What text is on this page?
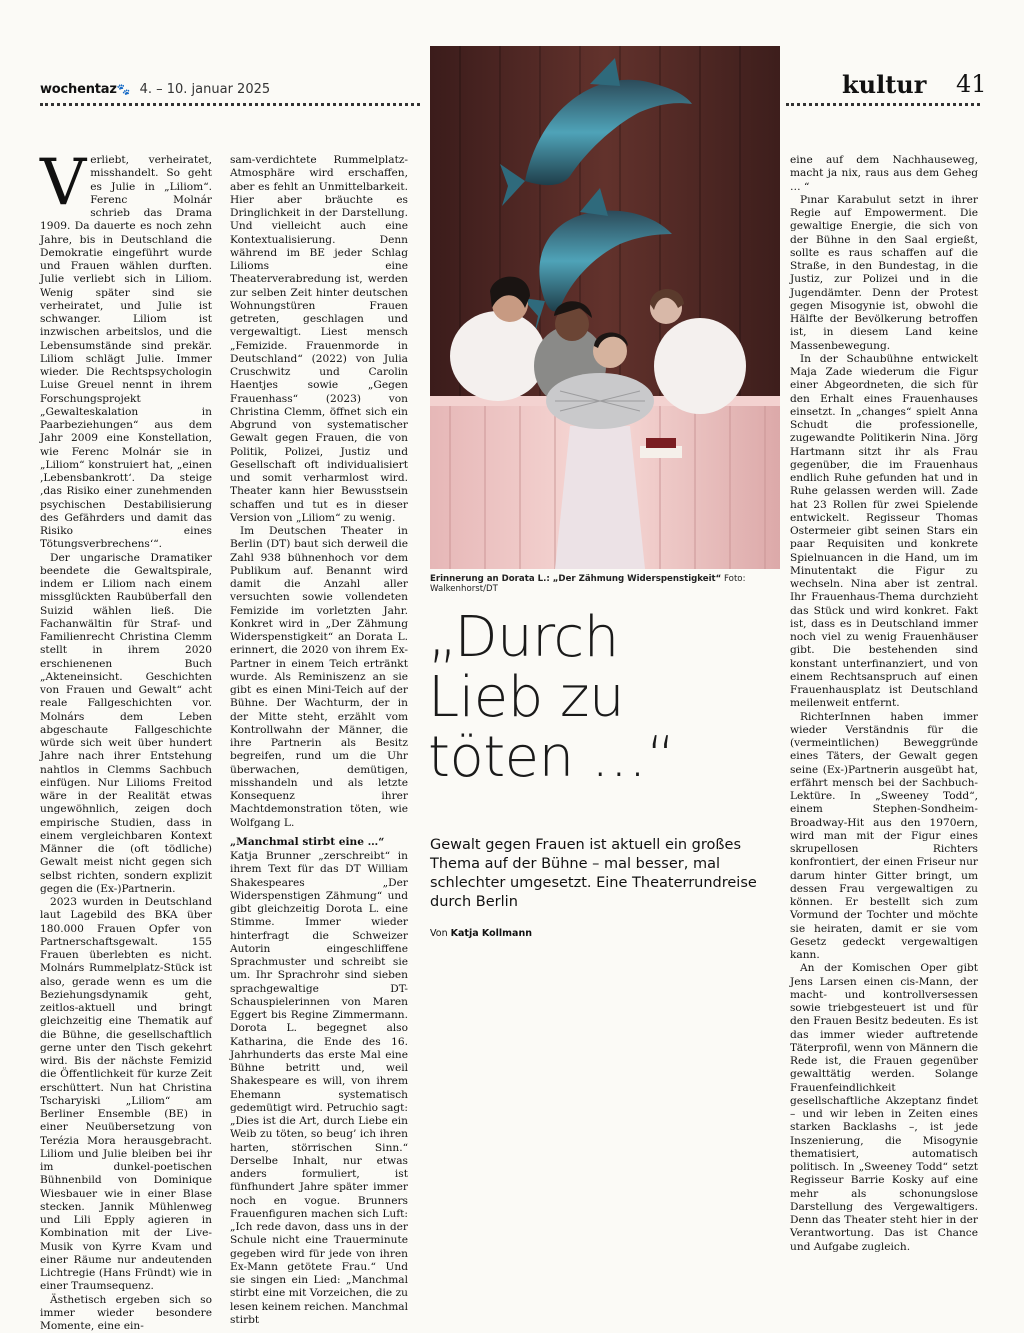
wochentaz🐾 4. – 10. januar 2025	kultur 41

Verliebt, verheiratet, misshandelt. So geht es Julie in „Liliom“. Ferenc Molnár schrieb das Drama 1909. Da dauerte es noch zehn Jahre, bis in Deutschland die Demokratie eingeführt wurde und Frauen wählen durften. Julie verliebt sich in Liliom. Wenig später sind sie verheiratet, und Julie ist schwanger. Liliom ist inzwischen arbeitslos, und die Lebensumstände sind prekär. Liliom schlägt Julie. Immer wieder. Die Rechtspsychologin Luise Greuel nennt in ihrem Forschungsprojekt „Gewalteskalation in Paarbeziehungen“ aus dem Jahr 2009 eine Konstellation, wie Ferenc Molnár sie in „Liliom“ konstruiert hat, „einen ‚Lebensbankrott‘. Da steige ‚das Risiko einer zunehmenden psychischen Destabilisierung des Gefährders und damit das Risiko eines Tötungsverbrechens‘“.

Der ungarische Dramatiker beendete die Gewaltspirale, indem er Liliom nach einem missglückten Raubüberfall den Suizid wählen ließ. Die Fachanwältin für Straf- und Familienrecht Christina Clemm stellt in ihrem 2020 erschienenen Buch „Akteneinsicht. Geschichten von Frauen und Gewalt“ acht reale Fallgeschichten vor. Molnárs dem Leben abgeschaute Fallgeschichte würde sich weit über hundert Jahre nach ihrer Entstehung nahtlos in Clemms Sachbuch einfügen. Nur Lilioms Freitod wäre in der Realität etwas ungewöhnlich, zeigen doch empirische Studien, dass in einem vergleichbaren Kontext Männer die (oft tödliche) Gewalt meist nicht gegen sich selbst richten, sondern explizit gegen die (Ex-)Partnerin.

2023 wurden in Deutschland laut Lagebild des BKA über 180.000 Frauen Opfer von Partnerschaftsgewalt. 155 Frauen überlebten es nicht. Molnárs Rummelplatz-Stück ist also, gerade wenn es um die Beziehungsdynamik geht, zeitlos-aktuell und bringt gleichzeitig eine Thematik auf die Bühne, die gesellschaftlich gerne unter den Tisch gekehrt wird. Bis der nächste Femizid die Öffentlichkeit für kurze Zeit erschüttert. Nun hat Christina Tscharyiski „Liliom“ am Berliner Ensemble (BE) in einer Neuübersetzung von Terézia Mora herausgebracht. Liliom und Julie bleiben bei ihr im dunkel-poetischen Bühnenbild von Dominique Wiesbauer wie in einer Blase stecken. Jannik Mühlenweg und Lili Epply agieren in Kombination mit der Live-Musik von Kyrre Kvam und einer Räume nur andeutenden Lichtregie (Hans Fründt) wie in einer Traumsequenz.

Ästhetisch ergeben sich so immer wieder besondere Momente, eine ein-

sam-verdichtete Rummelplatz-Atmosphäre wird erschaffen, aber es fehlt an Unmittelbarkeit. Hier aber bräuchte es Dringlichkeit in der Darstellung. Und vielleicht auch eine Kontextualisierung. Denn während im BE jeder Schlag Lilioms eine Theaterverabredung ist, werden zur selben Zeit hinter deutschen Wohnungstüren Frauen getreten, geschlagen und vergewaltigt. Liest mensch „Femizide. Frauenmorde in Deutschland“ (2022) von Julia Cruschwitz und Carolin Haentjes sowie „Gegen Frauenhass“ (2023) von Christina Clemm, öffnet sich ein Abgrund von systematischer Gewalt gegen Frauen, die von Politik, Polizei, Justiz und Gesellschaft oft individualisiert und somit verharmlost wird. Theater kann hier Bewusstsein schaffen und tut es in dieser Version von „Liliom“ zu wenig.

Im Deutschen Theater in Berlin (DT) baut sich derweil die Zahl 938 bühnenhoch vor dem Publikum auf. Benannt wird damit die Anzahl aller versuchten sowie vollendeten Femizide im vorletzten Jahr. Konkret wird in „Der Zähmung Widerspenstigkeit“ an Dorata L. erinnert, die 2020 von ihrem Ex-Partner in einem Teich ertränkt wurde. Als Reminiszenz an sie gibt es einen Mini-Teich auf der Bühne. Der Wachturm, der in der Mitte steht, erzählt vom Kontrollwahn der Männer, die ihre Partnerin als Besitz begreifen, rund um die Uhr überwachen, demütigen, misshandeln und als letzte Konsequenz ihrer Machtdemonstration töten, wie Wolfgang L.

„Manchmal stirbt eine …“

Katja Brunner „zerschreibt“ in ihrem Text für das DT William Shakespeares „Der Widerspenstigen Zähmung“ und gibt gleichzeitig Dorota L. eine Stimme. Immer wieder hinterfragt die Schweizer Autorin eingeschliffene Sprachmuster und schreibt sie um. Ihr Sprachrohr sind sieben sprachgewaltige DT-Schauspielerinnen von Maren Eggert bis Regine Zimmermann. Dorota L. begegnet also Katharina, die Ende des 16. Jahrhunderts das erste Mal eine Bühne betritt und, weil Shakespeare es will, von ihrem Ehemann systematisch gedemütigt wird. Petruchio sagt: „Dies ist die Art, durch Liebe ein Weib zu töten, so beug’ ich ihren harten, störrischen Sinn.“ Derselbe Inhalt, nur etwas anders formuliert, ist fünfhundert Jahre später immer noch en vogue. Brunners Frauenfiguren machen sich Luft: „Ich rede davon, dass uns in der Schule nicht eine Trauerminute gegeben wird für jede von ihren Ex-Mann getötete Frau.“ Und sie singen ein Lied: „Manchmal stirbt eine mit Vorzeichen, die zu lesen keinem reichen. Manchmal stirbt

Erinnerung an Dorata L.: „Der Zähmung Widerspenstigkeit“ Foto: Walkenhorst/DT
„Durch
Lieb zu
töten …“
Gewalt gegen Frauen ist aktuell ein großes Thema auf der Bühne – mal besser, mal schlechter umgesetzt. Eine Theaterrundreise durch Berlin
Von Katja Kollmann

eine auf dem Nachhauseweg, macht ja nix, raus aus dem Geheg … “

Pınar Karabulut setzt in ihrer Regie auf Empowerment. Die gewaltige Energie, die sich von der Bühne in den Saal ergießt, sollte es raus schaffen auf die Straße, in den Bundestag, in die Justiz, zur Polizei und in die Jugendämter. Denn der Protest gegen Misogynie ist, obwohl die Hälfte der Bevölkerung betroffen ist, in diesem Land keine Massenbewegung.

In der Schaubühne entwickelt Maja Zade wiederum die Figur einer Abgeordneten, die sich für den Erhalt eines Frauenhauses einsetzt. In „changes“ spielt Anna Schudt die professionelle, zugewandte Politikerin Nina. Jörg Hartmann sitzt ihr als Frau gegenüber, die im Frauenhaus endlich Ruhe gefunden hat und in Ruhe gelassen werden will. Zade hat 23 Rollen für zwei Spielende entwickelt. Regisseur Thomas Ostermeier gibt seinen Stars ein paar Requisiten und konkrete Spielnuancen in die Hand, um im Minutentakt die Figur zu wechseln. Nina aber ist zentral. Ihr Frauenhaus-Thema durchzieht das Stück und wird konkret. Fakt ist, dass es in Deutschland immer noch viel zu wenig Frauenhäuser gibt. Die bestehenden sind konstant unterfinanziert, und von einem Rechtsanspruch auf einen Frauenhausplatz ist Deutschland meilenweit entfernt.

RichterInnen haben immer wieder Verständnis für die (vermeintlichen) Beweggründe eines Täters, der Gewalt gegen seine (Ex-)Partnerin ausgeübt hat, erfährt mensch bei der Sachbuch-Lektüre. In „Sweeney Todd“, einem Stephen-Sondheim-Broadway-Hit aus den 1970ern, wird man mit der Figur eines skrupellosen Richters konfrontiert, der einen Friseur nur darum hinter Gitter bringt, um dessen Frau vergewaltigen zu können. Er bestellt sich zum Vormund der Tochter und möchte sie heiraten, damit er sie vom Gesetz gedeckt vergewaltigen kann.

An der Komischen Oper gibt Jens Larsen einen cis-Mann, der macht- und kontrollversessen sowie triebgesteuert ist und für den Frauen Besitz bedeuten. Es ist das immer wieder auftretende Täterprofil, wenn von Männern die Rede ist, die Frauen gegenüber gewalttätig werden. Solange Frauenfeindlichkeit gesellschaftliche Akzeptanz findet – und wir leben in Zeiten eines starken Backlashs –, ist jede Inszenierung, die Misogynie thematisiert, automatisch politisch. In „Sweeney Todd“ setzt Regisseur Barrie Kosky auf eine mehr als schonungslose Darstellung des Vergewaltigers. Denn das Theater steht hier in der Verantwortung. Das ist Chance und Aufgabe zugleich.
